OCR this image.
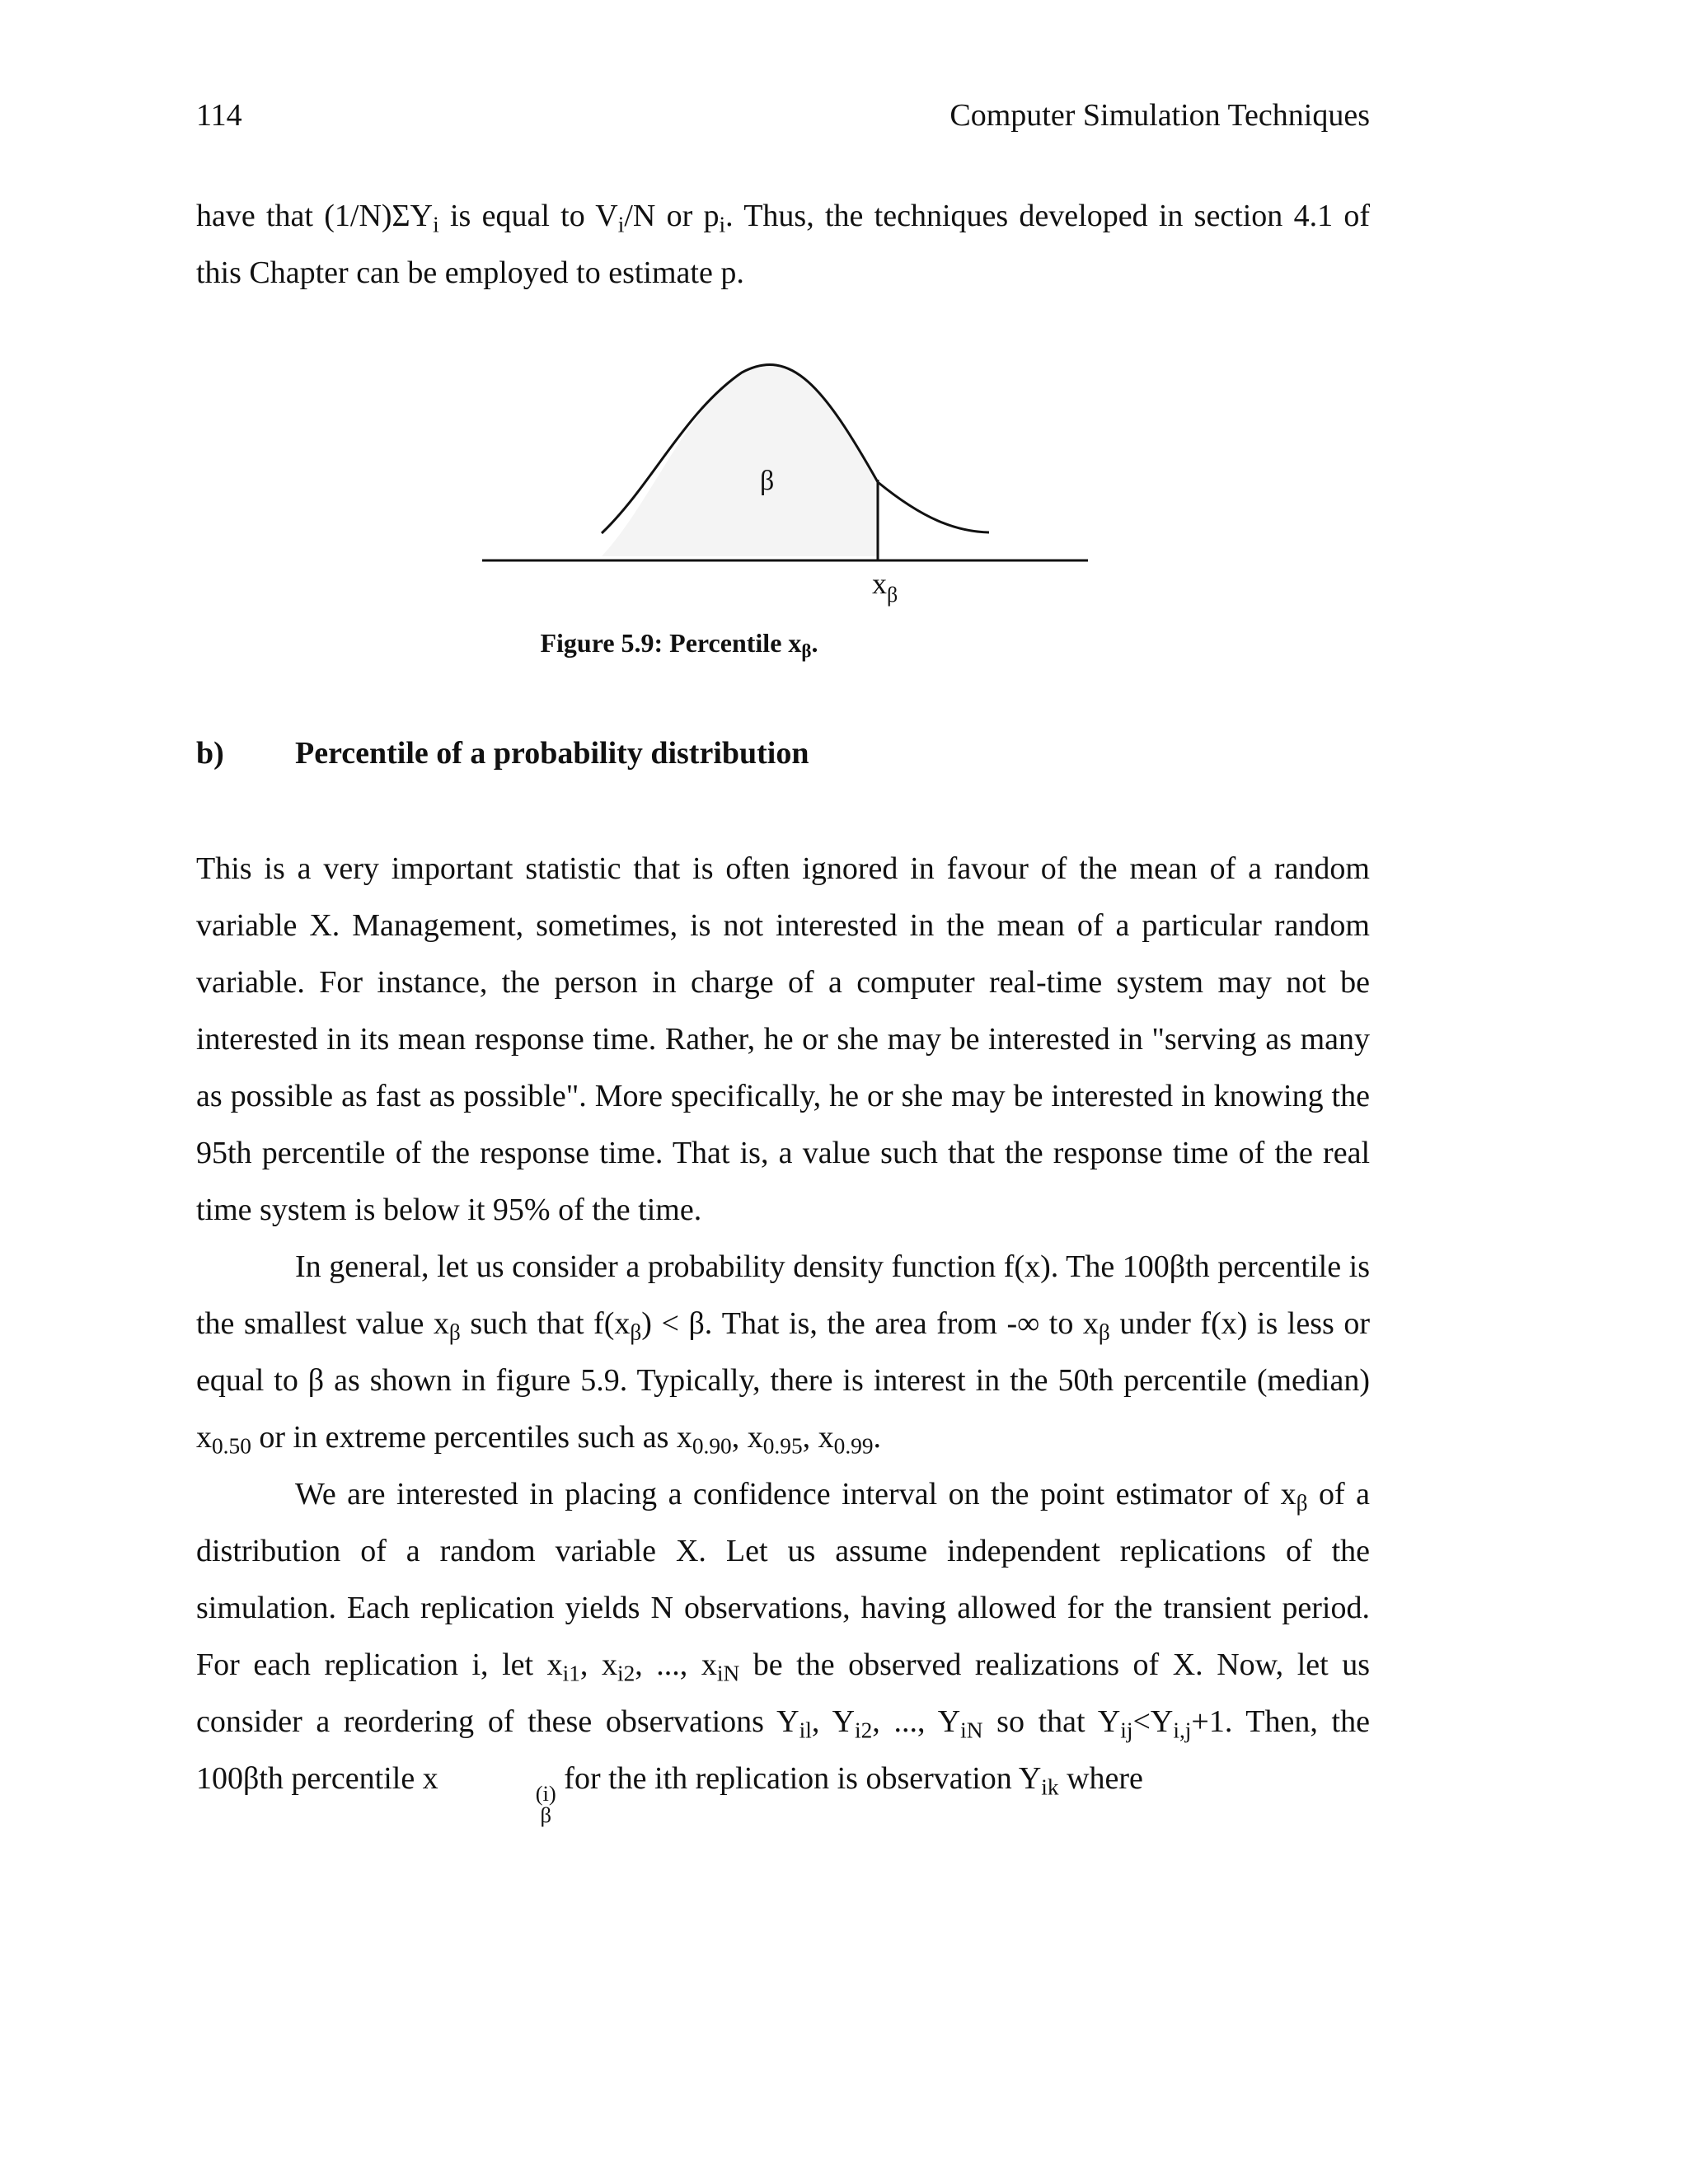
114	Computer Simulation Techniques

have that $(1/N)\Sigma Y_i$ is equal to $V_i/N$ or $p_i$. Thus, the techniques developed in section 4.1 of this Chapter can be employed to estimate p.

β
$x_\beta$
Figure 5.9: Percentile $x_\beta$.
b) Percentile of a probability distribution

This is a very important statistic that is often ignored in favour of the mean of a random variable X. Management, sometimes, is not interested in the mean of a particular random variable. For instance, the person in charge of a computer real-time system may not be interested in its mean response time. Rather, he or she may be interested in "serving as many as possible as fast as possible". More specifically, he or she may be interested in knowing the 95th percentile of the response time. That is, a value such that the response time of the real time system is below it 95% of the time.

In general, let us consider a probability density function f(x). The 100βth percentile is the smallest value $x_\beta$ such that $f(x_\beta) < \beta$. That is, the area from -∞ to $x_\beta$ under f(x) is less or equal to β as shown in figure 5.9. Typically, there is interest in the 50th percentile (median) $x_{0.50}$ or in extreme percentiles such as $x_{0.90}$, $x_{0.95}$, $x_{0.99}$.

We are interested in placing a confidence interval on the point estimator of $x_\beta$ of a distribution of a random variable X. Let us assume independent replications of the simulation. Each replication yields N observations, having allowed for the transient period. For each replication i, let $x_{i1}$, $x_{i2}$, ..., $x_{iN}$ be the observed realizations of X. Now, let us consider a reordering of these observations $Y_{il}$, $Y_{i2}$, ..., $Y_{iN}$ so that $Y_{ij}<Y_{i,j}+1$. Then, the 100βth percentile x	(i)
β
for the ith replication is observation $Y_{ik}$ where
